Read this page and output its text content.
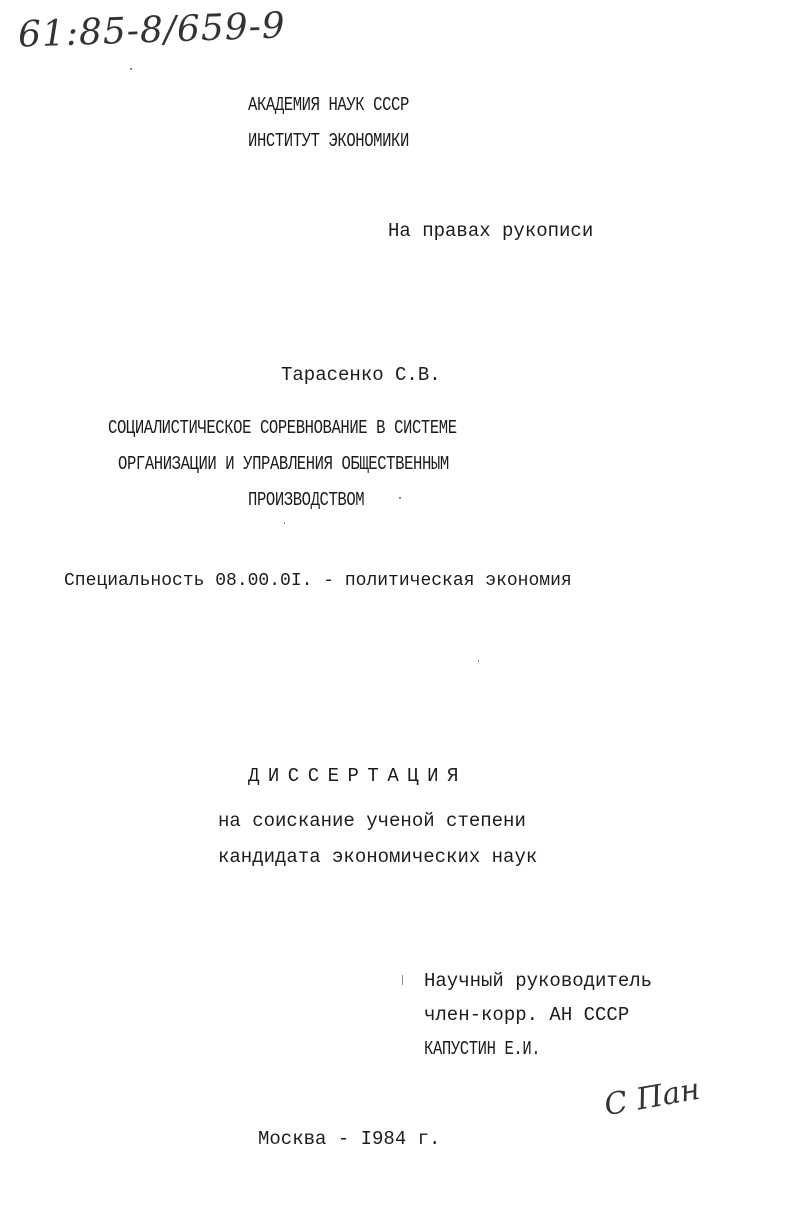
61:85-8/659-9
АКАДЕМИЯ НАУК СССР
ИНСТИТУТ ЭКОНОМИКИ
На правах рукописи
Тарасенко С.В.
СОЦИАЛИСТИЧЕСКОЕ СОРЕВНОВАНИЕ В СИСТЕМЕ
ОРГАНИЗАЦИИ И УПРАВЛЕНИЯ ОБЩЕСТВЕННЫМ
ПРОИЗВОДСТВОМ
Специальность 08.00.0I. - политическая экономия
ДИССЕРТАЦИЯ
на соискание ученой степени
кандидата экономических наук
Научный руководитель
член-корр. АН СССР
КАПУСТИН Е.И.
С Пан
Москва - I984 г.
